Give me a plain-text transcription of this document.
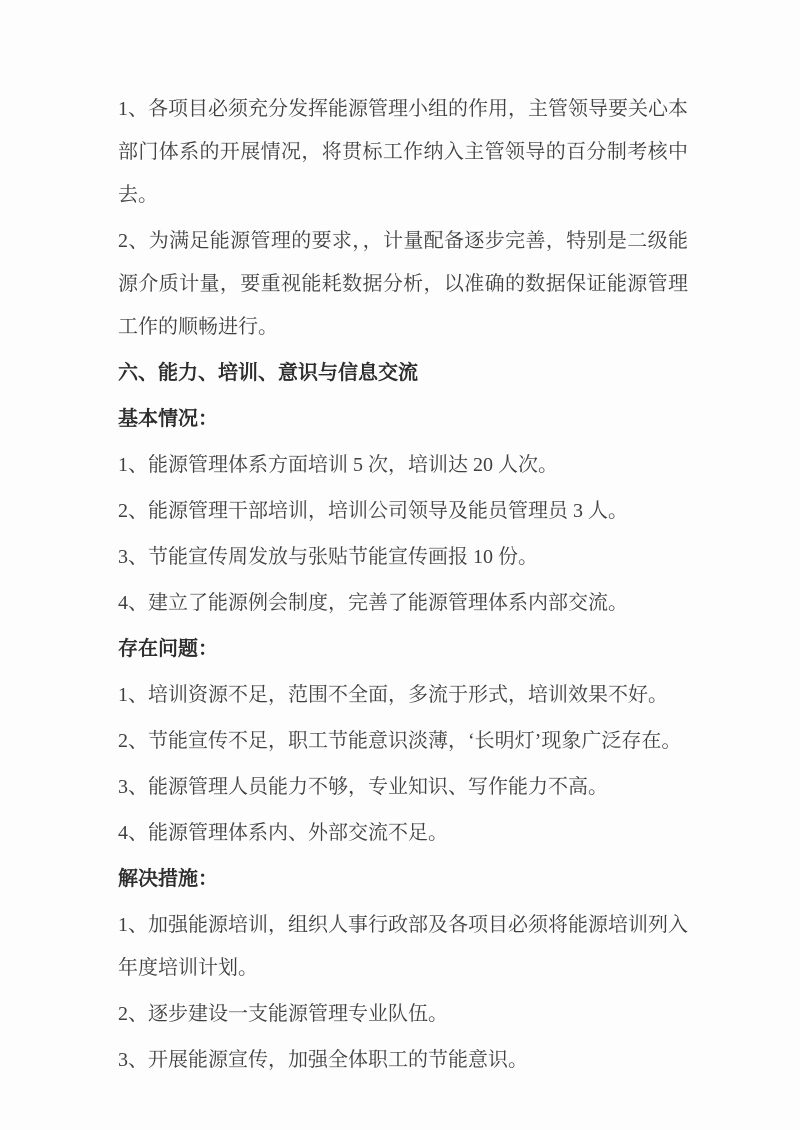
1、各项目必须充分发挥能源管理小组的作用，主管领导要关心本部门体系的开展情况，将贯标工作纳入主管领导的百分制考核中去。

2、为满足能源管理的要求，，计量配备逐步完善，特别是二级能源介质计量，要重视能耗数据分析，以准确的数据保证能源管理工作的顺畅进行。

六、能力、培训、意识与信息交流

基本情况：

1、能源管理体系方面培训 5 次，培训达 20 人次。

2、能源管理干部培训，培训公司领导及能员管理员 3 人。

3、节能宣传周发放与张贴节能宣传画报 10 份。

4、建立了能源例会制度，完善了能源管理体系内部交流。

存在问题：

1、培训资源不足，范围不全面，多流于形式，培训效果不好。

2、节能宣传不足，职工节能意识淡薄，‘长明灯’现象广泛存在。

3、能源管理人员能力不够，专业知识、写作能力不高。

4、能源管理体系内、外部交流不足。

解决措施：

1、加强能源培训，组织人事行政部及各项目必须将能源培训列入年度培训计划。

2、逐步建设一支能源管理专业队伍。

3、开展能源宣传，加强全体职工的节能意识。
